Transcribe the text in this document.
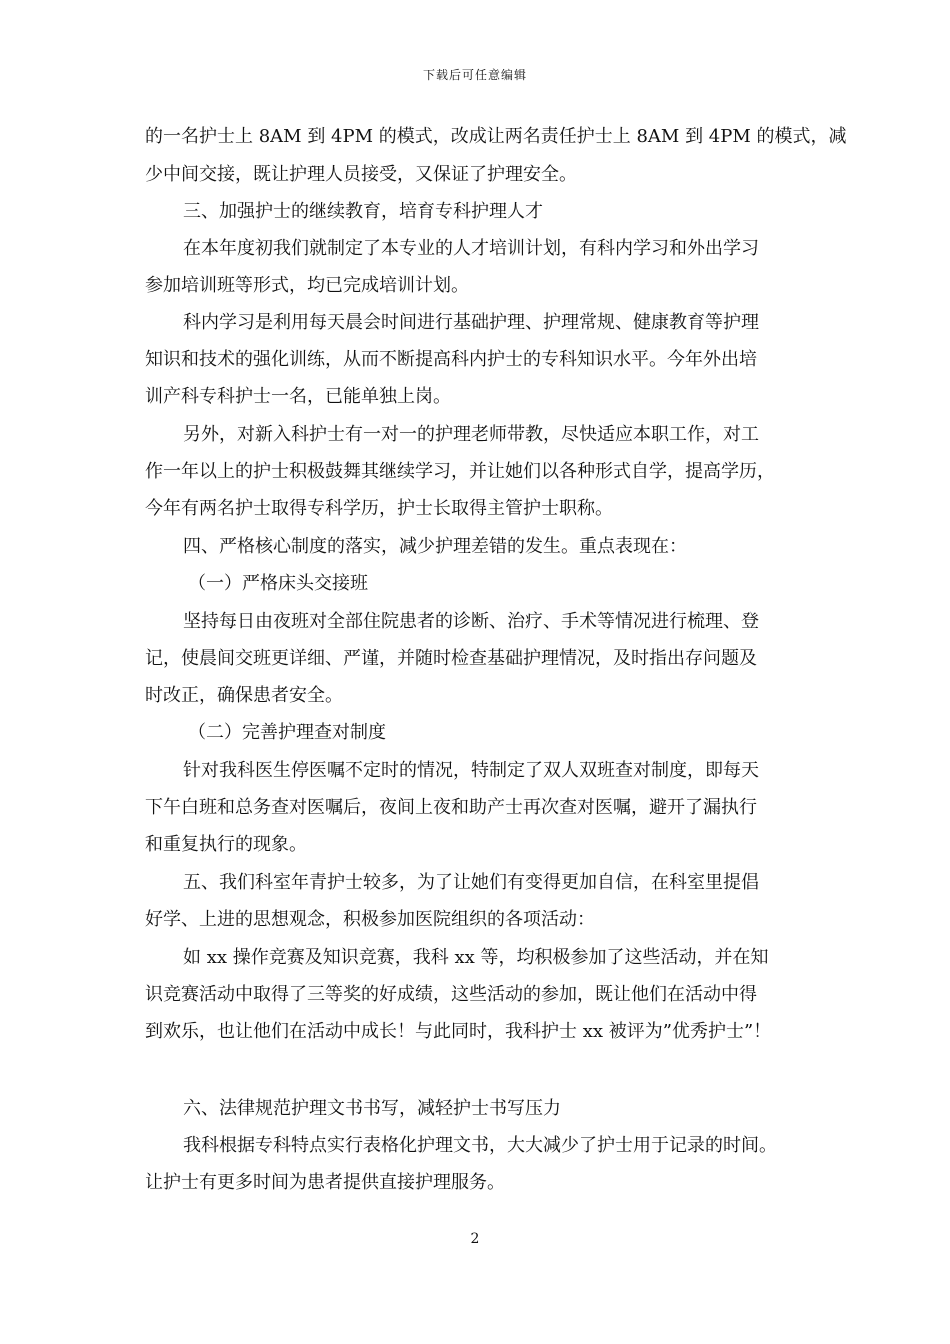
下载后可任意编辑
的一名护士上 8AM 到 4PM 的模式，改成让两名责任护士上 8AM 到 4PM 的模式，减
少中间交接，既让护理人员接受，又保证了护理安全。
三、加强护士的继续教育，培育专科护理人才
在本年度初我们就制定了本专业的人才培训计划，有科内学习和外出学习
参加培训班等形式，均已完成培训计划。
科内学习是利用每天晨会时间进行基础护理、护理常规、健康教育等护理
知识和技术的强化训练，从而不断提高科内护士的专科知识水平。今年外出培
训产科专科护士一名，已能单独上岗。
另外，对新入科护士有一对一的护理老师带教，尽快适应本职工作，对工
作一年以上的护士积极鼓舞其继续学习，并让她们以各种形式自学，提高学历，
今年有两名护士取得专科学历，护士长取得主管护士职称。
四、严格核心制度的落实，减少护理差错的发生。重点表现在：
（一）严格床头交接班
坚持每日由夜班对全部住院患者的诊断、治疗、手术等情况进行梳理、登
记，使晨间交班更详细、严谨，并随时检查基础护理情况，及时指出存问题及
时改正，确保患者安全。
（二）完善护理查对制度
针对我科医生停医嘱不定时的情况，特制定了双人双班查对制度，即每天
下午白班和总务查对医嘱后，夜间上夜和助产士再次查对医嘱，避开了漏执行
和重复执行的现象。
五、我们科室年青护士较多，为了让她们有变得更加自信，在科室里提倡
好学、上进的思想观念，积极参加医院组织的各项活动：
如 xx 操作竞赛及知识竞赛，我科 xx 等，均积极参加了这些活动，并在知
识竞赛活动中取得了三等奖的好成绩，这些活动的参加，既让他们在活动中得
到欢乐，也让他们在活动中成长！与此同时，我科护士 xx 被评为”优秀护士”！
六、法律规范护理文书书写，减轻护士书写压力
我科根据专科特点实行表格化护理文书，大大减少了护士用于记录的时间。
让护士有更多时间为患者提供直接护理服务。
2
